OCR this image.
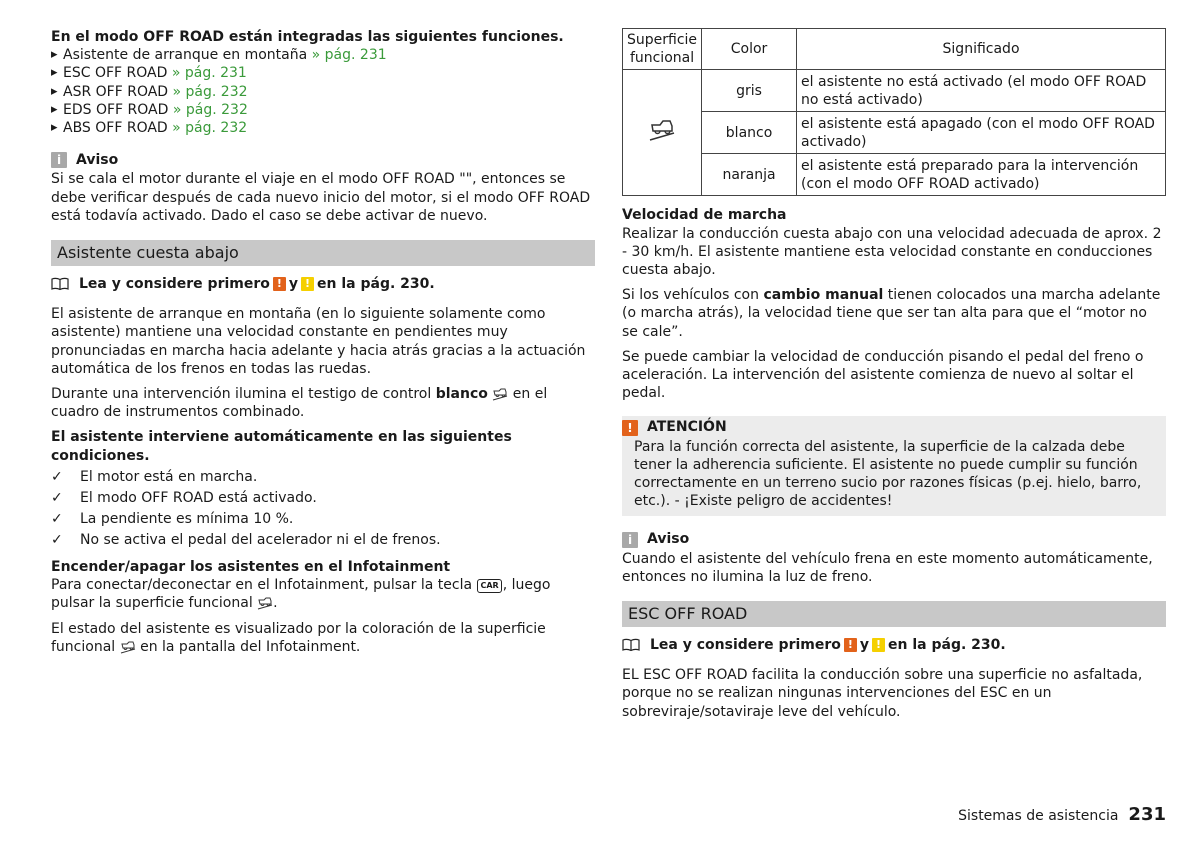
En el modo OFF ROAD están integradas las siguientes funciones.

▸ Asistente de arranque en montaña » pág. 231
▸ ESC OFF ROAD » pág. 231
▸ ASR OFF ROAD » pág. 232
▸ EDS OFF ROAD » pág. 232
▸ ABS OFF ROAD » pág. 232
i	Aviso

Si se cala el motor durante el viaje en el modo OFF ROAD "", entonces se debe verificar después de cada nuevo inicio del motor, si el modo OFF ROAD está todavía activado. Dado el caso se debe activar de nuevo.

Asistente cuesta abajo
Lea y considere primero ! y ! en la pág. 230.

El asistente de arranque en montaña (en lo siguiente solamente como asistente) mantiene una velocidad constante en pendientes muy pronunciadas en marcha hacia adelante y hacia atrás gracias a la actuación automática de los frenos en todas las ruedas.

Durante una intervención ilumina el testigo de control blanco  en el cuadro de instrumentos combinado.

El asistente interviene automáticamente en las siguientes condiciones.

✓ El motor está en marcha.
✓ El modo OFF ROAD está activado.
✓ La pendiente es mínima 10 %.
✓ No se activa el pedal del acelerador ni el de frenos.

Encender/apagar los asistentes en el Infotainment

Para conectar/deconectar en el Infotainment, pulsar la tecla CAR , luego pulsar la superficie funcional .

El estado del asistente es visualizado por la coloración de la superficie funcional  en la pantalla del Infotainment.

Superficie funcional	Color	Significado
	gris	el asistente no está activado (el modo OFF ROAD no está activado)
	blanco	el asistente está apagado (con el modo OFF ROAD activado)
	naranja	el asistente está preparado para la intervención (con el modo OFF ROAD activado)

Velocidad de marcha

Realizar la conducción cuesta abajo con una velocidad adecuada de aprox. 2 - 30 km/h. El asistente mantiene esta velocidad constante en conducciones cuesta abajo.

Si los vehículos con cambio manual tienen colocados una marcha adelante (o marcha atrás), la velocidad tiene que ser tan alta para que el “motor no se cale”.

Se puede cambiar la velocidad de conducción pisando el pedal del freno o aceleración. La intervención del asistente comienza de nuevo al soltar el pedal.

!	ATENCIÓN

Para la función correcta del asistente, la superficie de la calzada debe tener la adherencia suficiente. El asistente no puede cumplir su función correctamente en un terreno sucio por razones físicas (p.ej. hielo, barro, etc.). - ¡Existe peligro de accidentes!

i	Aviso

Cuando el asistente del vehículo frena en este momento automáticamente, entonces no ilumina la luz de freno.

ESC OFF ROAD
Lea y considere primero ! y ! en la pág. 230.

EL ESC OFF ROAD facilita la conducción sobre una superficie no asfaltada, porque no se realizan ningunas intervenciones del ESC en un sobreviraje/sotaviraje leve del vehículo.

Sistemas de asistencia 231
